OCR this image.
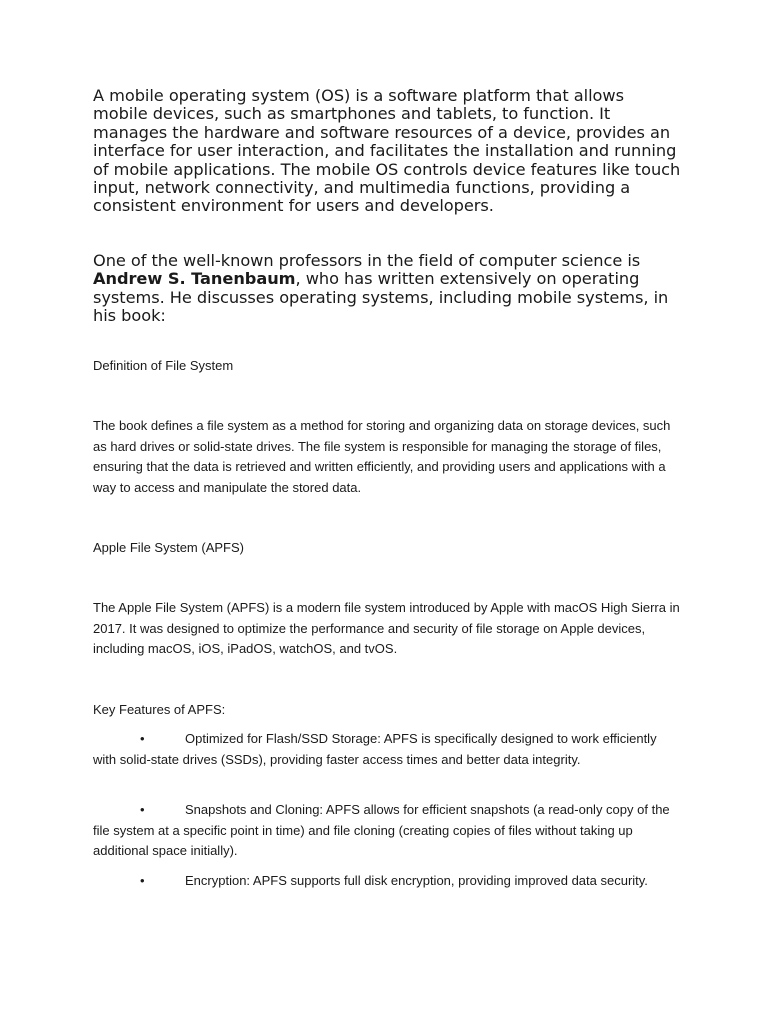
A mobile operating system (OS) is a software platform that allows mobile devices, such as smartphones and tablets, to function. It manages the hardware and software resources of a device, provides an interface for user interaction, and facilitates the installation and running of mobile applications. The mobile OS controls device features like touch input, network connectivity, and multimedia functions, providing a consistent environment for users and developers.

One of the well-known professors in the field of computer science is Andrew S. Tanenbaum, who has written extensively on operating systems. He discusses operating systems, including mobile systems, in his book:

Definition of File System

The book defines a file system as a method for storing and organizing data on storage devices, such as hard drives or solid-state drives. The file system is responsible for managing the storage of files, ensuring that the data is retrieved and written efficiently, and providing users and applications with a way to access and manipulate the stored data.

Apple File System (APFS)

The Apple File System (APFS) is a modern file system introduced by Apple with macOS High Sierra in 2017. It was designed to optimize the performance and security of file storage on Apple devices, including macOS, iOS, iPadOS, watchOS, and tvOS.

Key Features of APFS:

•	Optimized for Flash/SSD Storage: APFS is specifically designed to work efficiently with solid-state drives (SSDs), providing faster access times and better data integrity.

•	Snapshots and Cloning: APFS allows for efficient snapshots (a read-only copy of the file system at a specific point in time) and file cloning (creating copies of files without taking up additional space initially).

•	Encryption: APFS supports full disk encryption, providing improved data security.
